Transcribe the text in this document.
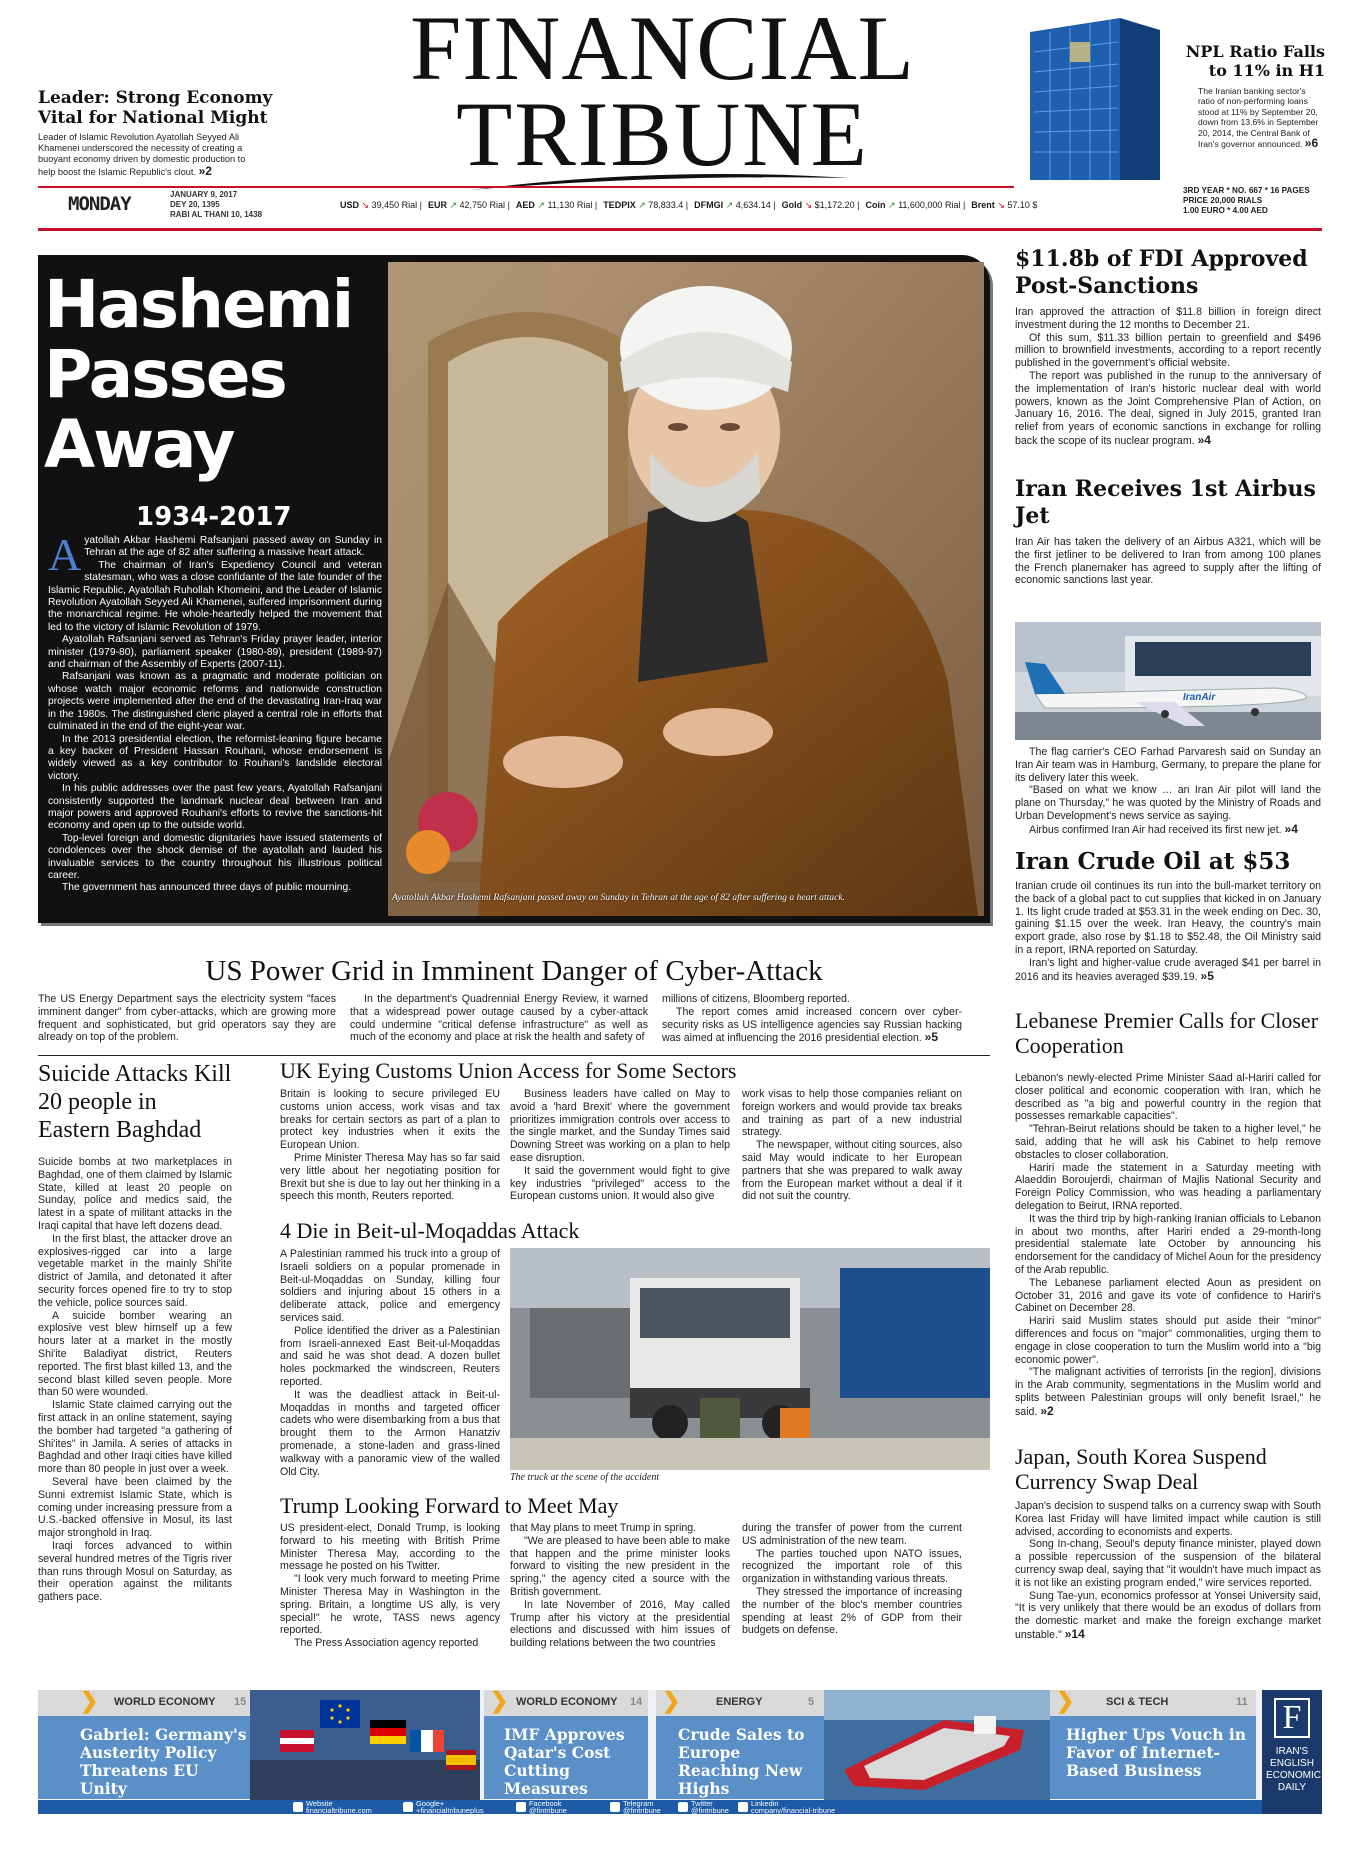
FINANCIAL
TRIBUNE
Leader: Strong Economy Vital for National Might
Leader of Islamic Revolution Ayatollah Seyyed Ali Khamenei underscored the necessity of creating a buoyant economy driven by domestic production to help boost the Islamic Republic's clout. »2
NPL Ratio Falls to 11% in H1
The Iranian banking sector's ratio of non-performing loans stood at 11% by September 20, down from 13.6% in September 20, 2014, the Central Bank of Iran's governor announced. »6
MONDAY	JANUARY 9, 2017
DEY 20, 1395
RABI AL THANI 10, 1438
USD ↘ 39,450 Rial | EUR ↗ 42,750 Rial | AED ↗ 11,130 Rial | TEDPIX ↗ 78,833.4 | DFMGI ↗ 4,634.14 | Gold ↘ $1,172.20 | Coin ↗ 11,600,000 Rial | Brent ↘ 57.10 $
3RD YEAR * NO. 667 * 16 PAGES
PRICE 20,000 RIALS
1.00 EURO * 4.00 AED
Ayatollah Akbar Hashemi Rafsanjani passed away on Sunday in Tehran at the age of 82 after suffering a heart attack.
Hashemi
Passes
Away
1934-2017

Ayatollah Akbar Hashemi Rafsanjani passed away on Sunday in Tehran at the age of 82 after suffering a massive heart attack.

The chairman of Iran's Expediency Council and veteran statesman, who was a close confidante of the late founder of the Islamic Republic, Ayatollah Ruhollah Khomeini, and the Leader of Islamic Revolution Ayatollah Seyyed Ali Khamenei, suffered imprisonment during the monarchical regime. He whole-heartedly helped the movement that led to the victory of Islamic Revolution of 1979.

Ayatollah Rafsanjani served as Tehran's Friday prayer leader, interior minister (1979-80), parliament speaker (1980-89), president (1989-97) and chairman of the Assembly of Experts (2007-11).

Rafsanjani was known as a pragmatic and moderate politician on whose watch major economic reforms and nationwide construction projects were implemented after the end of the devastating Iran-Iraq war in the 1980s. The distinguished cleric played a central role in efforts that culminated in the end of the eight-year war.

In the 2013 presidential election, the reformist-leaning figure became a key backer of President Hassan Rouhani, whose endorsement is widely viewed as a key contributor to Rouhani's landslide electoral victory.

In his public addresses over the past few years, Ayatollah Rafsanjani consistently supported the landmark nuclear deal between Iran and major powers and approved Rouhani's efforts to revive the sanctions-hit economy and open up to the outside world.

Top-level foreign and domestic dignitaries have issued statements of condolences over the shock demise of the ayatollah and lauded his invaluable services to the country throughout his illustrious political career.

The government has announced three days of public mourning.

$11.8b of FDI Approved Post-Sanctions

Iran approved the attraction of $11.8 billion in foreign direct investment during the 12 months to December 21.

Of this sum, $11.33 billion pertain to greenfield and $496 million to brownfield investments, according to a report recently published in the government's official website.

The report was published in the runup to the anniversary of the implementation of Iran's historic nuclear deal with world powers, known as the Joint Comprehensive Plan of Action, on January 16, 2016. The deal, signed in July 2015, granted Iran relief from years of economic sanctions in exchange for rolling back the scope of its nuclear program. »4

Iran Receives 1st Airbus Jet

Iran Air has taken the delivery of an Airbus A321, which will be the first jetliner to be delivered to Iran from among 100 planes the French planemaker has agreed to supply after the lifting of economic sanctions last year.

IranAir

The flag carrier's CEO Farhad Parvaresh said on Sunday an Iran Air team was in Hamburg, Germany, to prepare the plane for its delivery later this week.

"Based on what we know … an Iran Air pilot will land the plane on Thursday," he was quoted by the Ministry of Roads and Urban Development's news service as saying.

Airbus confirmed Iran Air had received its first new jet. »4

Iran Crude Oil at $53

Iranian crude oil continues its run into the bull-market territory on the back of a global pact to cut supplies that kicked in on January 1. Its light crude traded at $53.31 in the week ending on Dec. 30, gaining $1.15 over the week. Iran Heavy, the country's main export grade, also rose by $1.18 to $52.48, the Oil Ministry said in a report, IRNA reported on Saturday.

Iran's light and higher-value crude averaged $41 per barrel in 2016 and its heavies averaged $39.19. »5

Lebanese Premier Calls for Closer Cooperation

Lebanon's newly-elected Prime Minister Saad al-Hariri called for closer political and economic cooperation with Iran, which he described as "a big and powerful country in the region that possesses remarkable capacities".

"Tehran-Beirut relations should be taken to a higher level," he said, adding that he will ask his Cabinet to help remove obstacles to closer collaboration.

Hariri made the statement in a Saturday meeting with Alaeddin Boroujerdi, chairman of Majlis National Security and Foreign Policy Commission, who was heading a parliamentary delegation to Beirut, IRNA reported.

It was the third trip by high-ranking Iranian officials to Lebanon in about two months, after Hariri ended a 29-month-long presidential stalemate late October by announcing his endorsement for the candidacy of Michel Aoun for the presidency of the Arab republic.

The Lebanese parliament elected Aoun as president on October 31, 2016 and gave its vote of confidence to Hariri's Cabinet on December 28.

Hariri said Muslim states should put aside their "minor" differences and focus on "major" commonalities, urging them to engage in close cooperation to turn the Muslim world into a "big economic power".

"The malignant activities of terrorists [in the region], divisions in the Arab community, segmentations in the Muslim world and splits between Palestinian groups will only benefit Israel," he said. »2

Japan, South Korea Suspend Currency Swap Deal

Japan's decision to suspend talks on a currency swap with South Korea last Friday will have limited impact while caution is still advised, according to economists and experts.

Song In-chang, Seoul's deputy finance minister, played down a possible repercussion of the suspension of the bilateral currency swap deal, saying that "it wouldn't have much impact as it is not like an existing program ended," wire services reported.

Sung Tae-yun, economics professor at Yonsei University said, "It is very unlikely that there would be an exodus of dollars from the domestic market and make the foreign exchange market unstable." »14

US Power Grid in Imminent Danger of Cyber-Attack

The US Energy Department says the electricity system "faces imminent danger" from cyber-attacks, which are growing more frequent and sophisticated, but grid operators say they are already on top of the problem.

In the department's Quadrennial Energy Review, it warned that a widespread power outage caused by a cyber-attack could undermine "critical defense infrastructure" as well as much of the economy and place at risk the health and safety of

millions of citizens, Bloomberg reported.

The report comes amid increased concern over cyber-security risks as US intelligence agencies say Russian hacking was aimed at influencing the 2016 presidential election. »5

Suicide Attacks Kill 20 people in Eastern Baghdad

Suicide bombs at two marketplaces in Baghdad, one of them claimed by Islamic State, killed at least 20 people on Sunday, police and medics said, the latest in a spate of militant attacks in the Iraqi capital that have left dozens dead.

In the first blast, the attacker drove an explosives-rigged car into a large vegetable market in the mainly Shi'ite district of Jamila, and detonated it after security forces opened fire to try to stop the vehicle, police sources said.

A suicide bomber wearing an explosive vest blew himself up a few hours later at a market in the mostly Shi'ite Baladiyat district, Reuters reported. The first blast killed 13, and the second blast killed seven people. More than 50 were wounded.

Islamic State claimed carrying out the first attack in an online statement, saying the bomber had targeted "a gathering of Shi'ites" in Jamila. A series of attacks in Baghdad and other Iraqi cities have killed more than 80 people in just over a week.

Several have been claimed by the Sunni extremist Islamic State, which is coming under increasing pressure from a U.S.-backed offensive in Mosul, its last major stronghold in Iraq.

Iraqi forces advanced to within several hundred metres of the Tigris river than runs through Mosul on Saturday, as their operation against the militants gathers pace.

UK Eying Customs Union Access for Some Sectors

Britain is looking to secure privileged EU customs union access, work visas and tax breaks for certain sectors as part of a plan to protect key industries when it exits the European Union.

Prime Minister Theresa May has so far said very little about her negotiating position for Brexit but she is due to lay out her thinking in a speech this month, Reuters reported.

Business leaders have called on May to avoid a 'hard Brexit' where the government prioritizes immigration controls over access to the single market, and the Sunday Times said Downing Street was working on a plan to help ease disruption.

It said the government would fight to give key industries "privileged" access to the European customs union. It would also give

work visas to help those companies reliant on foreign workers and would provide tax breaks and training as part of a new industrial strategy.

The newspaper, without citing sources, also said May would indicate to her European partners that she was prepared to walk away from the European market without a deal if it did not suit the country.

4 Die in Beit-ul-Moqaddas Attack

A Palestinian rammed his truck into a group of Israeli soldiers on a popular promenade in Beit-ul-Moqaddas on Sunday, killing four soldiers and injuring about 15 others in a deliberate attack, police and emergency services said.

Police identified the driver as a Palestinian from Israeli-annexed East Beit-ul-Moqaddas and said he was shot dead. A dozen bullet holes pockmarked the windscreen, Reuters reported.

It was the deadliest attack in Beit-ul-Moqaddas in months and targeted officer cadets who were disembarking from a bus that brought them to the Armon Hanatziv promenade, a stone-laden and grass-lined walkway with a panoramic view of the walled Old City.	The truck at the scene of the accident
Trump Looking Forward to Meet May

US president-elect, Donald Trump, is looking forward to his meeting with British Prime Minister Theresa May, according to the message he posted on his Twitter.

"I look very much forward to meeting Prime Minister Theresa May in Washington in the spring. Britain, a longtime US ally, is very special!" he wrote, TASS news agency reported.

The Press Association agency reported

that May plans to meet Trump in spring.

"We are pleased to have been able to make that happen and the prime minister looks forward to visiting the new president in the spring," the agency cited a source with the British government.

In late November of 2016, May called Trump after his victory at the presidential elections and discussed with him issues of building relations between the two countries

during the transfer of power from the current US administration of the new team.

The parties touched upon NATO issues, recognized the important role of this organization in withstanding various threats.

They stressed the importance of increasing the number of the bloc's member countries spending at least 2% of GDP from their budgets on defense.

❯ WORLD ECONOMY 15
Gabriel: Germany's Austerity Policy Threatens EU Unity
❯ WORLD ECONOMY 14
IMF Approves Qatar's Cost Cutting Measures
❯	ENERGY	5
Crude Sales to Europe Reaching New Highs
❯	SCI & TECH	11
Higher Ups Vouch in Favor of Internet-Based Business
F
IRAN'S ENGLISH ECONOMIC DAILY
Website
financialtribune.com
Google+
+financialtribuneplus
Facebook
@fintribune
Telegram
@fintribune
Twitter
@fintribune
Linkedin
company/financial-tribune
